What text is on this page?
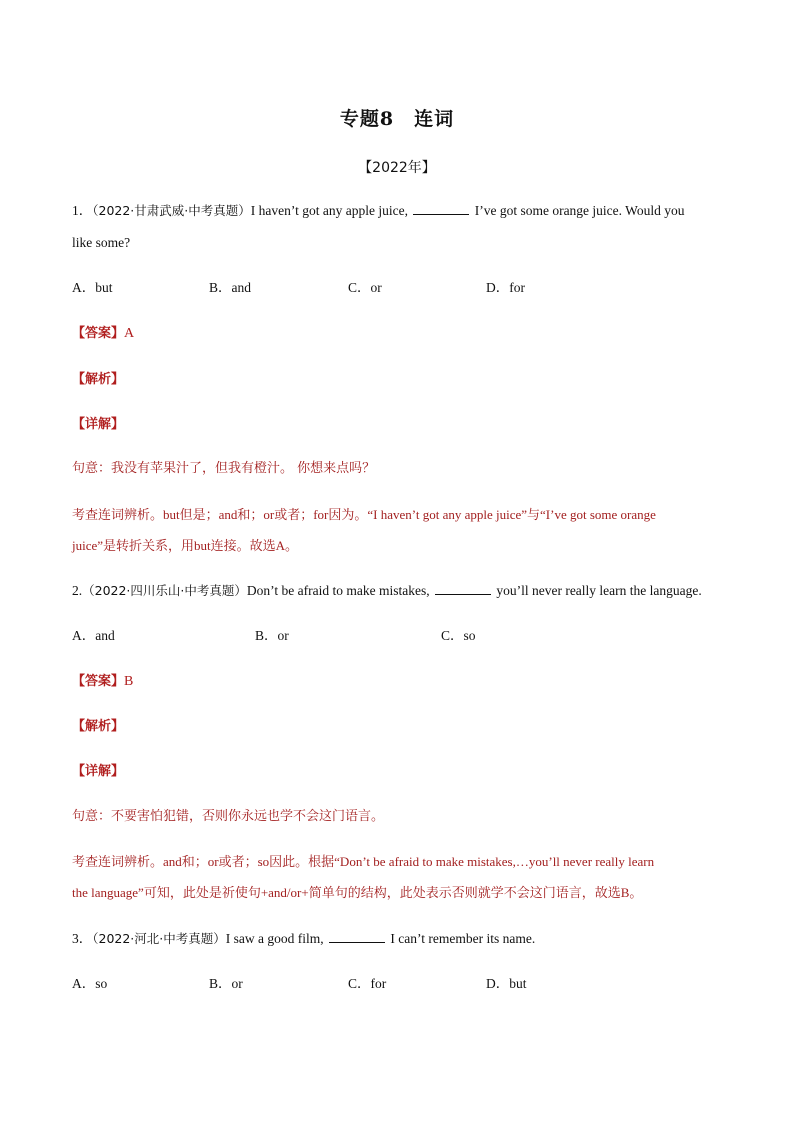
专题8　连词
【2022年】
1．（2022·甘肃武威·中考真题）I haven’t got any apple juice,	I’ve got some orange juice. Would you
like some?
A．but	B．and	C．or	D．for
【答案】A
【解析】
【详解】
句意：我没有苹果汁了，但我有橙汁。 你想来点吗？
考查连词辨析。but但是；and和；or或者；for因为。“I haven’t got any apple juice”与“I’ve got some orange
juice”是转折关系，用but连接。故选A。
2.（2022·四川乐山·中考真题）Don’t be afraid to make mistakes,	you’ll never really learn the language.
A．and	B．or	C．so
【答案】B
【解析】
【详解】
句意：不要害怕犯错，否则你永远也学不会这门语言。
考查连词辨析。and和；or或者；so因此。根据“Don’t be afraid to make mistakes,…you’ll never really learn
the language”可知，此处是祈使句+and/or+简单句的结构，此处表示否则就学不会这门语言，故选B。
3．（2022·河北·中考真题）I saw a good film,	I can’t remember its name.
A．so	B．or	C．for	D．but
